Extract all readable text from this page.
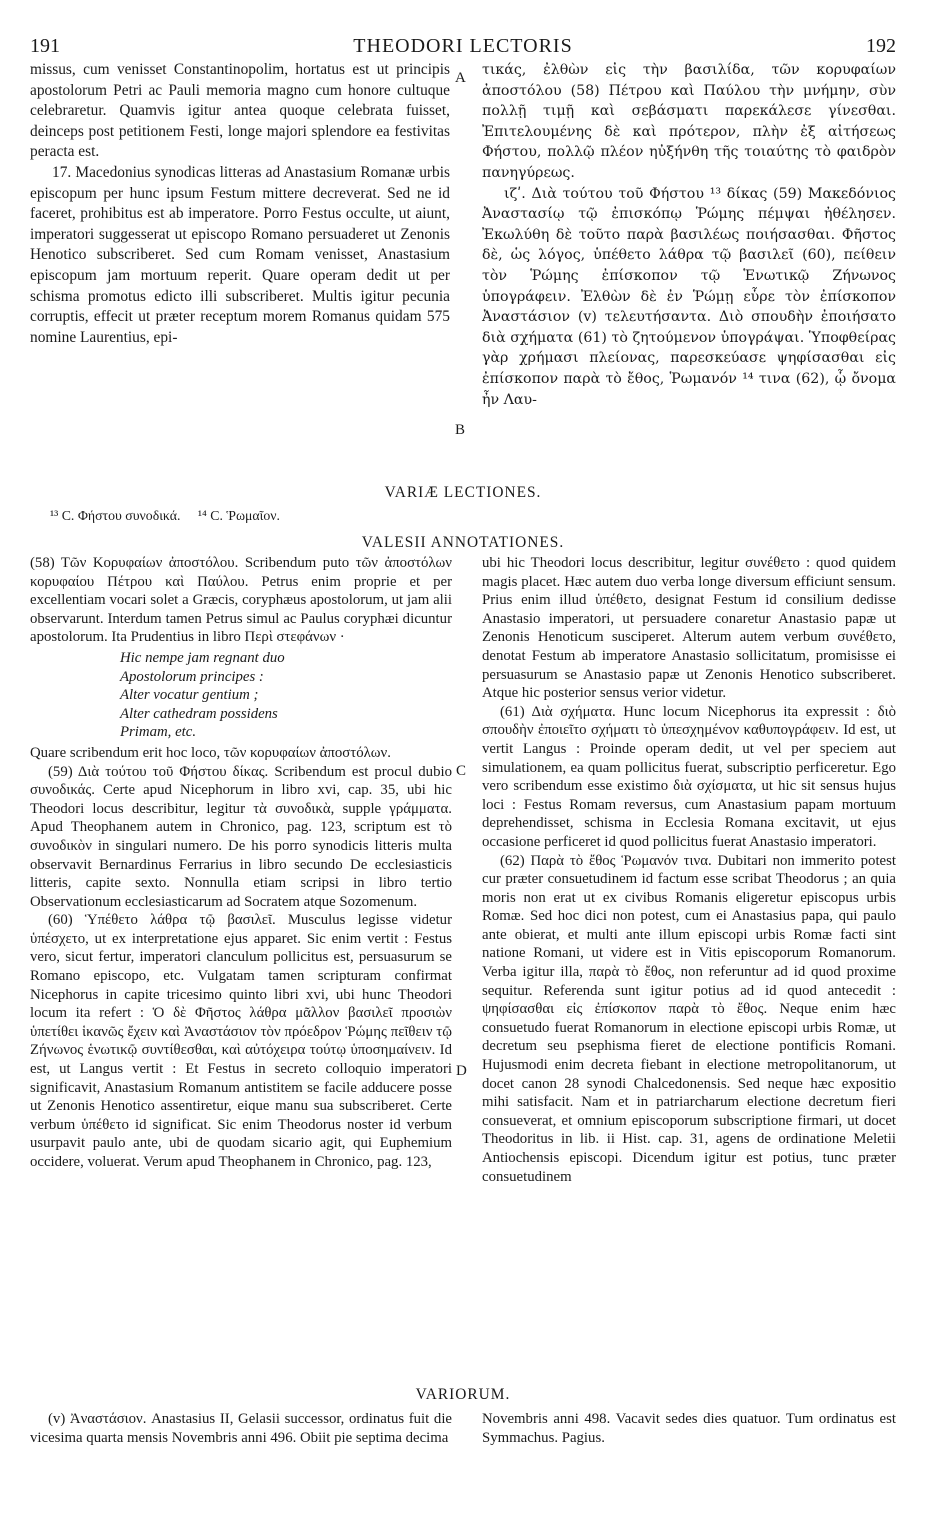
191	THEODORI LECTORIS	192

missus, cum venisset Constantinopolim, hortatus est ut principis apostolorum Petri ac Pauli memoria magno cum honore cultuque celebraretur. Quamvis igitur antea quoque celebrata fuisset, deinceps post petitionem Festi, longe majori splendore ea festivitas peracta est.

17. Macedonius synodicas litteras ad Anastasium Romanæ urbis episcopum per hunc ipsum Festum mittere decreverat. Sed ne id faceret, prohibitus est ab imperatore. Porro Festus occulte, ut aiunt, imperatori suggesserat ut episcopo Romano persuaderet ut Zenonis Henotico subscriberet. Sed cum Romam venisset, Anastasium episcopum jam mortuum reperit. Quare operam dedit ut per schisma promotus edicto illi subscriberet. Multis igitur pecunia corruptis, effecit ut præter receptum morem Romanus quidam 575 nomine Laurentius, epi-

A
B

τικάς, ἐλθὼν εἰς τὴν βασιλίδα, τῶν κορυφαίων ἀποστόλου (58) Πέτρου καὶ Παύλου τὴν μνήμην, σὺν πολλῇ τιμῇ καὶ σεβάσματι παρεκάλεσε γίνεσθαι. Ἐπιτελουμένης δὲ καὶ πρότερον, πλὴν ἐξ αἰτήσεως Φήστου, πολλῷ πλέον ηὐξήνθη τῆς τοιαύτης τὸ φαιδρὸν πανηγύρεως.

ιζʹ. Διὰ τούτου τοῦ Φήστου ¹³ δίκας (59) Μακεδόνιος Ἀναστασίῳ τῷ ἐπισκόπῳ Ῥώμης πέμψαι ἠθέλησεν. Ἐκωλύθη δὲ τοῦτο παρὰ βασιλέως ποιήσασθαι. Φῆστος δὲ, ὡς λόγος, ὑπέθετο λάθρα τῷ βασιλεῖ (60), πείθειν τὸν Ῥώμης ἐπίσκοπον τῷ Ἑνωτικῷ Ζήνωνος ὑπογράφειν. Ἐλθὼν δὲ ἐν Ῥώμῃ εὗρε τὸν ἐπίσκοπον Ἀναστάσιον (v) τελευτήσαντα. Διὸ σπουδὴν ἐποιήσατο διὰ σχήματα (61) τὸ ζητούμενον ὑπογράψαι. Ὑποφθείρας γὰρ χρήμασι πλείονας, παρεσκεύασε ψηφίσασθαι εἰς ἐπίσκοπον παρὰ τὸ ἔθος, Ῥωμανόν ¹⁴ τινα (62), ᾧ ὄνομα ἦν Λαυ-

VARIÆ LECTIONES.
¹³ C. Φήστου συνοδικά. ¹⁴ C. Ῥωμαῖον.
VALESII ANNOTATIONES.

(58) Τῶν Κορυφαίων ἀποστόλου. Scribendum puto τῶν ἀποστόλων κορυφαίου Πέτρου καὶ Παύλου. Petrus enim proprie et per excellentiam vocari solet a Græcis, coryphæus apostolorum, ut jam alii observarunt. Interdum tamen Petrus simul ac Paulus coryphæi dicuntur apostolorum. Ita Prudentius in libro Περὶ στεφάνων ·

Hic nempe jam regnant duo
Apostolorum principes :
Alter vocatur gentium ;
Alter cathedram possidens
Primam, etc.

Quare scribendum erit hoc loco, τῶν κορυφαίων ἀποστόλων.

(59) Διὰ τούτου τοῦ Φήστου δίκας. Scribendum est procul dubio συνοδικάς. Certe apud Nicephorum in libro xvi, cap. 35, ubi hic Theodori locus describitur, legitur τὰ συνοδικὰ, supple γράμματα. Apud Theophanem autem in Chronico, pag. 123, scriptum est τὸ συνοδικὸν in singulari numero. De his porro synodicis litteris multa observavit Bernardinus Ferrarius in libro secundo De ecclesiasticis litteris, capite sexto. Nonnulla etiam scripsi in libro tertio Observationum ecclesiasticarum ad Socratem atque Sozomenum.

(60) Ὑπέθετο λάθρα τῷ βασιλεῖ. Musculus legisse videtur ὑπέσχετο, ut ex interpretatione ejus apparet. Sic enim vertit : Festus vero, sicut fertur, imperatori clanculum pollicitus est, persuasurum se Romano episcopo, etc. Vulgatam tamen scripturam confirmat Nicephorus in capite tricesimo quinto libri xvi, ubi hunc Theodori locum ita refert : Ὁ δὲ Φῆστος λάθρα μᾶλλον βασιλεῖ προσιὼν ὑπετίθει ἱκανῶς ἔχειν καὶ Ἀναστάσιον τὸν πρόεδρον Ῥώμης πεῖθειν τῷ Ζήνωνος ἑνωτικῷ συντίθεσθαι, καὶ αὐτόχειρα τούτῳ ὑποσημαίνειν. Id est, ut Langus vertit : Et Festus in secreto colloquio imperatori significavit, Anastasium Romanum antistitem se facile adducere posse ut Zenonis Henotico assentiretur, eique manu sua subscriberet. Certe verbum ὑπέθετο id significat. Sic enim Theodorus noster id verbum usurpavit paulo ante, ubi de quodam sicario agit, qui Euphemium occidere, voluerat. Verum apud Theophanem in Chronico, pag. 123,

C
D

ubi hic Theodori locus describitur, legitur συνέθετο : quod quidem magis placet. Hæc autem duo verba longe diversum efficiunt sensum. Prius enim illud ὑπέθετο, designat Festum id consilium dedisse Anastasio imperatori, ut persuadere conaretur Anastasio papæ ut Zenonis Henoticum susciperet. Alterum autem verbum συνέθετο, denotat Festum ab imperatore Anastasio sollicitatum, promisisse ei persuasurum se Anastasio papæ ut Zenonis Henotico subscriberet. Atque hic posterior sensus verior videtur.

(61) Διὰ σχήματα. Hunc locum Nicephorus ita expressit : διὸ σπουδὴν ἐποιεῖτο σχήματι τὸ ὑπεσχημένον καθυπογράφειν. Id est, ut vertit Langus : Proinde operam dedit, ut vel per speciem aut simulationem, ea quam pollicitus fuerat, subscriptio perficeretur. Ego vero scribendum esse existimo διὰ σχίσματα, ut hic sit sensus hujus loci : Festus Romam reversus, cum Anastasium papam mortuum deprehendisset, schisma in Ecclesia Romana excitavit, ut ejus occasione perficeret id quod pollicitus fuerat Anastasio imperatori.

(62) Παρὰ τὸ ἔθος Ῥωμανόν τινα. Dubitari non immerito potest cur præter consuetudinem id factum esse scribat Theodorus ; an quia moris non erat ut ex civibus Romanis eligeretur episcopus urbis Romæ. Sed hoc dici non potest, cum ei Anastasius papa, qui paulo ante obierat, et multi ante illum episcopi urbis Romæ facti sint natione Romani, ut videre est in Vitis episcoporum Romanorum. Verba igitur illa, παρὰ τὸ ἔθος, non referuntur ad id quod proxime sequitur. Referenda sunt igitur potius ad id quod antecedit : ψηφίσασθαι εἰς ἐπίσκοπον παρὰ τὸ ἔθος. Neque enim hæc consuetudo fuerat Romanorum in electione episcopi urbis Romæ, ut decretum seu psephisma fieret de electione pontificis Romani. Hujusmodi enim decreta fiebant in electione metropolitanorum, ut docet canon 28 synodi Chalcedonensis. Sed neque hæc expositio mihi satisfacit. Nam et in patriarcharum electione decretum fieri consueverat, et omnium episcoporum subscriptione firmari, ut docet Theodoritus in lib. ii Hist. cap. 31, agens de ordinatione Meletii Antiochensis episcopi. Dicendum igitur est potius, tunc præter consuetudinem

VARIORUM.

(v) Ἀναστάσιον. Anastasius II, Gelasii successor, ordinatus fuit die vicesima quarta mensis Novembris anni 496. Obiit pie septima decima

Novembris anni 498. Vacavit sedes dies quatuor. Tum ordinatus est Symmachus. Pagius.
